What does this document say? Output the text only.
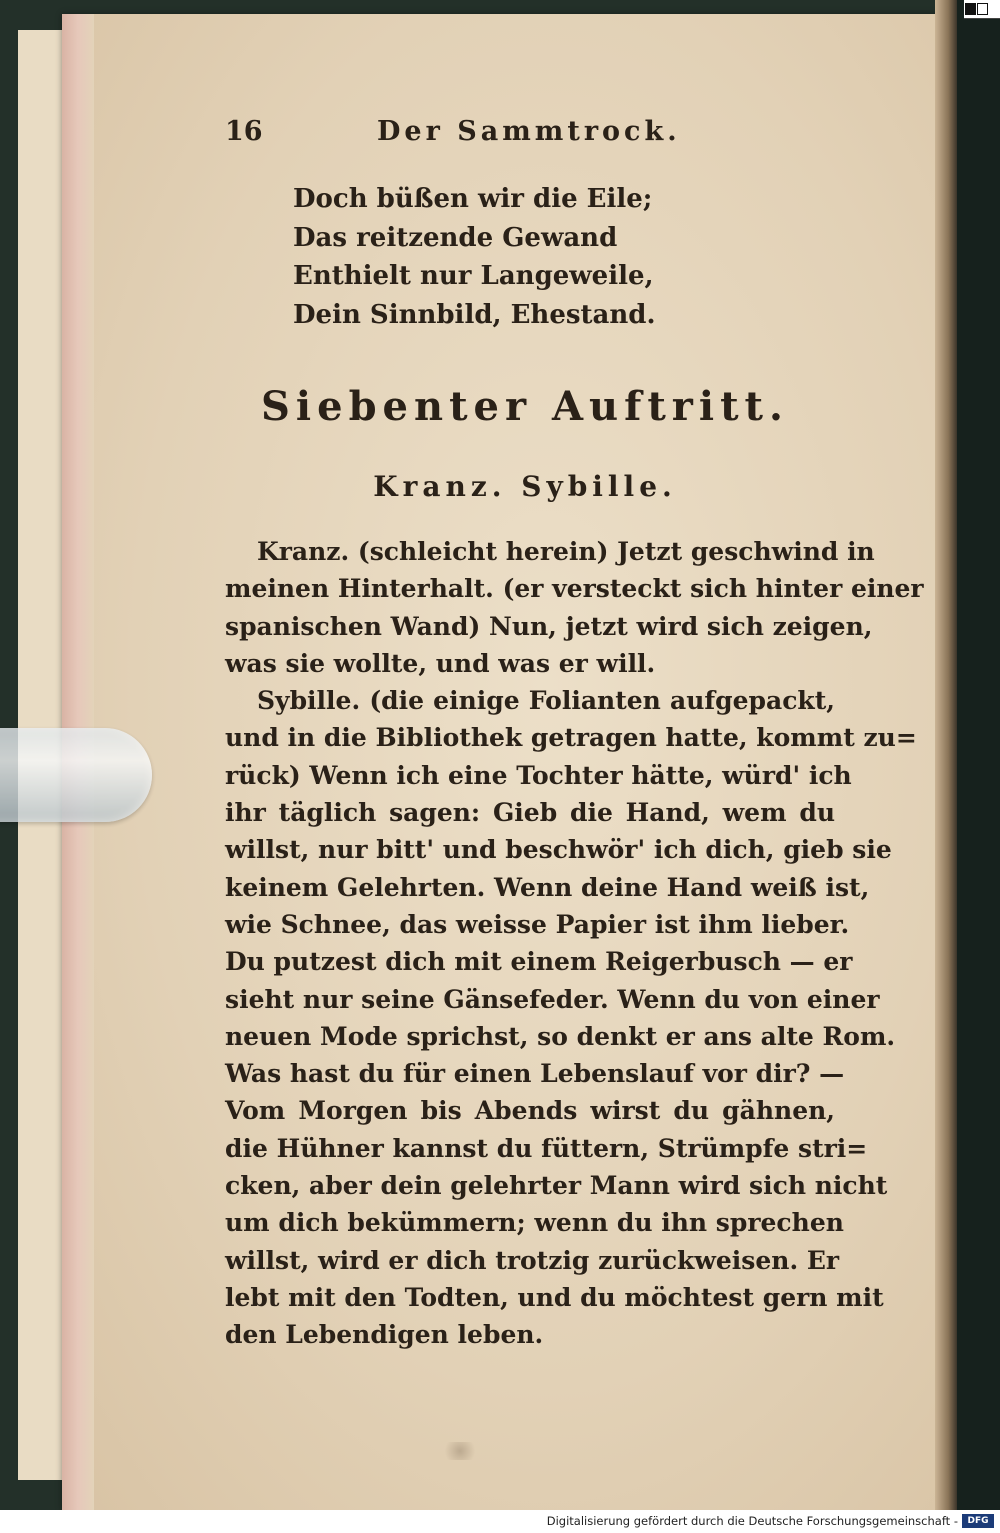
16	Der Sammtrock.
Doch büßen wir die Eile;
Das reitzende Gewand
Enthielt nur Langeweile,
Dein Sinnbild, Ehestand.
Siebenter Auftritt.
Kranz. Sybille.
Kranz. (schleicht herein) Jetzt geschwind in
meinen Hinterhalt. (er versteckt sich hinter einer
spanischen Wand) Nun, jetzt wird sich zeigen,
was sie wollte, und was er will.
Sybille. (die einige Folianten aufgepackt,
und in die Bibliothek getragen hatte, kommt zu=
rück) Wenn ich eine Tochter hätte, würd' ich
ihr täglich sagen: Gieb die Hand, wem du
willst, nur bitt' und beschwör' ich dich, gieb sie
keinem Gelehrten. Wenn deine Hand weiß ist,
wie Schnee, das weisse Papier ist ihm lieber.
Du putzest dich mit einem Reigerbusch — er
sieht nur seine Gänsefeder. Wenn du von einer
neuen Mode sprichst, so denkt er ans alte Rom.
Was hast du für einen Lebenslauf vor dir? —
Vom Morgen bis Abends wirst du gähnen,
die Hühner kannst du füttern, Strümpfe stri=
cken, aber dein gelehrter Mann wird sich nicht
um dich bekümmern; wenn du ihn sprechen
willst, wird er dich trotzig zurückweisen. Er
lebt mit den Todten, und du möchtest gern mit
den Lebendigen leben.
Digitalisierung gefördert durch die Deutsche Forschungsgemeinschaft -	DFG
